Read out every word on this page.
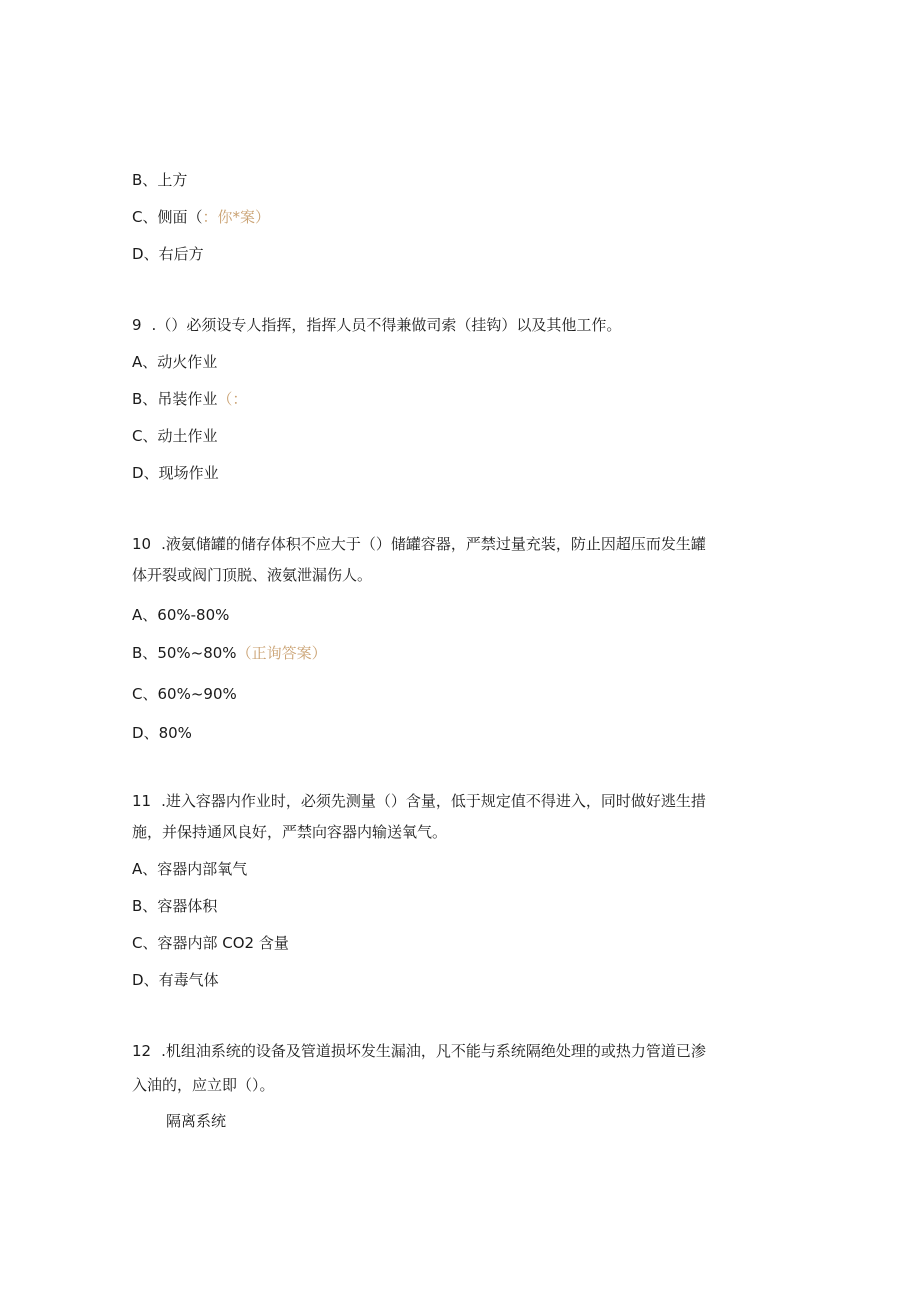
B、上方
C、侧面（：你*案）
D、右后方
9 .（）必须设专人指挥，指挥人员不得兼做司索（挂钩）以及其他工作。
A、动火作业
B、吊装作业（：
C、动土作业
D、现场作业
10 .液氨储罐的储存体积不应大于（）储罐容器，严禁过量充装，防止因超压而发生罐
体开裂或阀门顶脱、液氨泄漏伤人。
A、60%-80%
B、50%~80%（正询答案）
C、60%~90%
D、80%
11 .进入容器内作业时，必须先测量（）含量，低于规定值不得进入，同时做好逃生措
施，并保持通风良好，严禁向容器内输送氧气。
A、容器内部氧气
B、容器体积
C、容器内部 CO2 含量
D、有毒气体
12 .机组油系统的设备及管道损坏发生漏油，凡不能与系统隔绝处理的或热力管道已渗
入油的，应立即（）。
隔离系统
